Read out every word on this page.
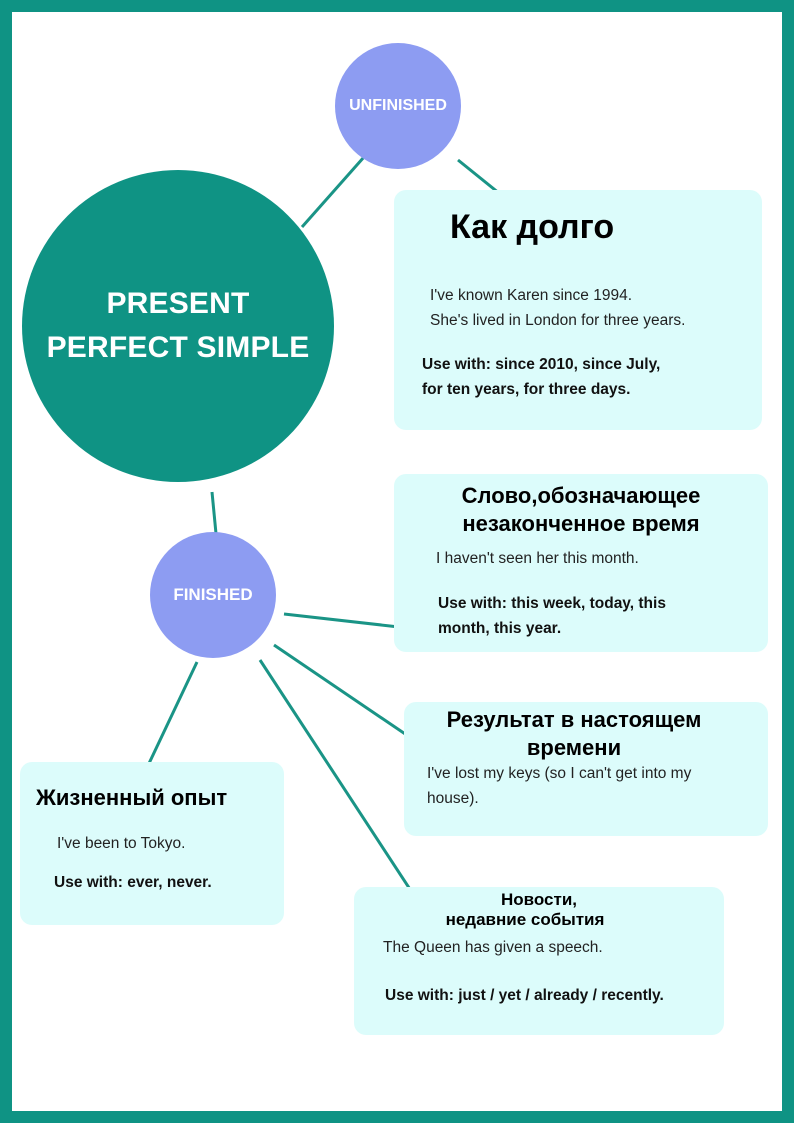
PRESENT
PERFECT SIMPLE
UNFINISHED
FINISHED
Как долго
I've known Karen since 1994.
She's lived in London for three years.
Use with: since 2010, since July,
for ten years, for three days.
Слово,обозначающее
незаконченное время
I haven't seen her this month.
Use with: this week, today, this
month, this year.
Результат в настоящем
времени
I've lost my keys (so I can't get into my
house).
Жизненный опыт
I've been to Tokyo.
Use with: ever, never.
Новости,
недавние события
The Queen has given a speech.
Use with: just / yet / already / recently.
